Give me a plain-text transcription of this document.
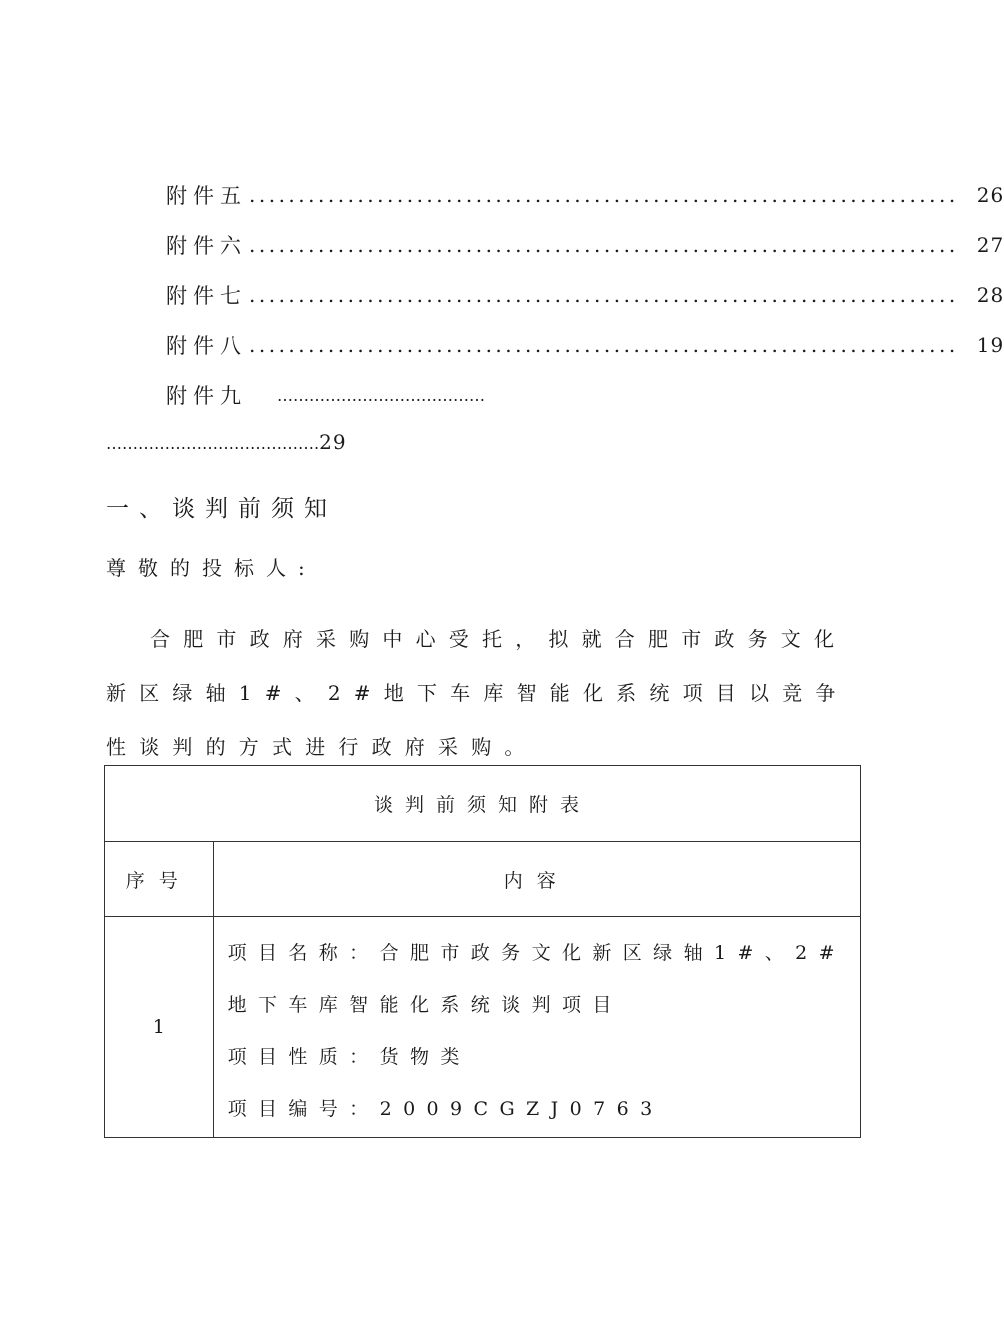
附件五 ........................................................................ 26
附件六 ........................................................................ 27
附件七 ........................................................................ 28
附件八 ........................................................................ 19
附件九 …………………………………
………………………………….29
一、谈判前须知
尊敬的投标人:
合肥市政府采购中心受托，拟就合肥市政务文化新区绿轴1#、2#地下车库智能化系统项目以竞争性谈判的方式进行政府采购。
谈判前须知附表	
序号	内容
1	项目名称：合肥市政务文化新区绿轴1#、2#
地下车库智能化系统谈判项目
项目性质：货物类
项目编号：2009CGZJ0763
